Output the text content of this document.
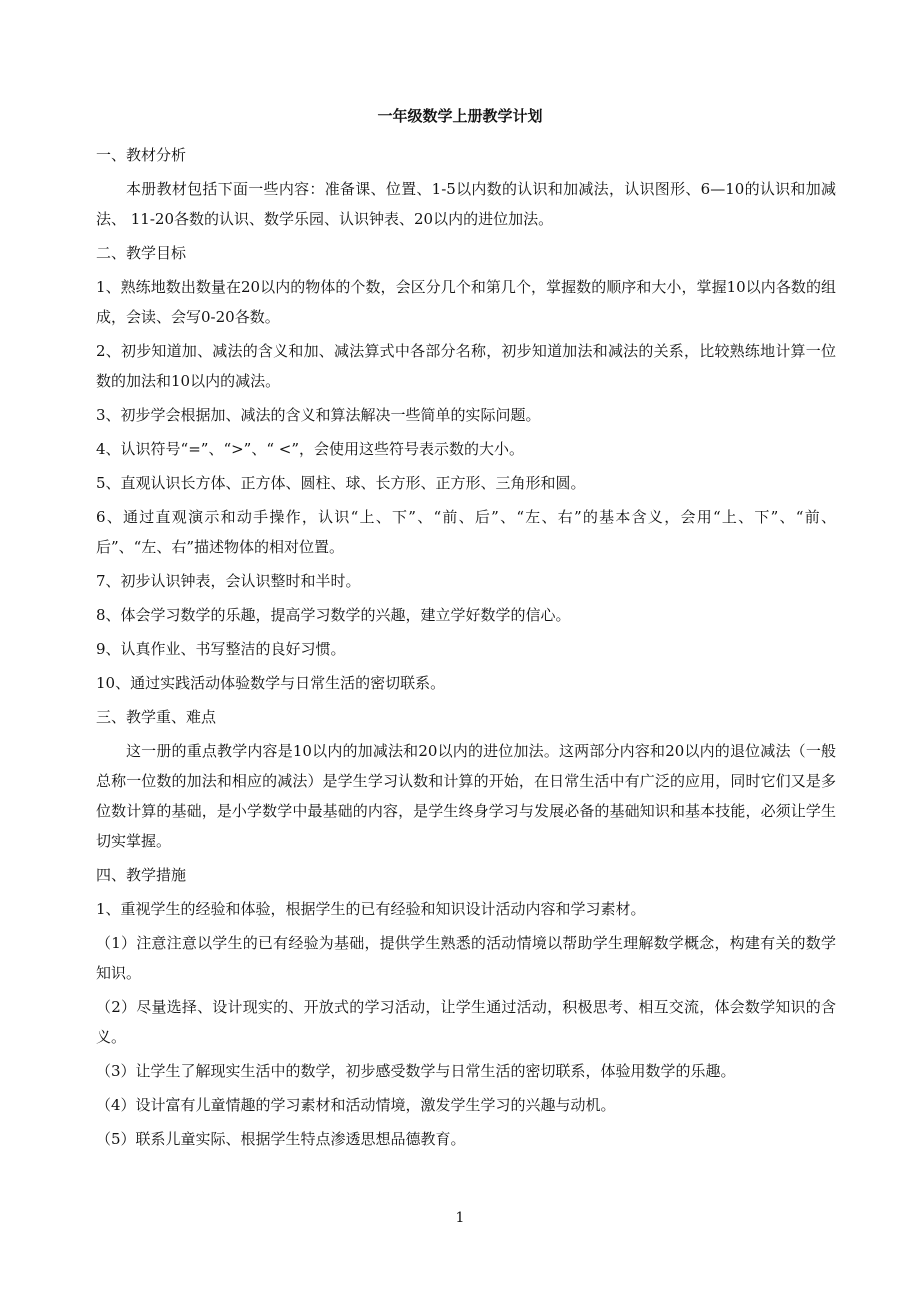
一年级数学上册教学计划

一、教材分析

本册教材包括下面一些内容：准备课、位置、1-5以内数的认识和加减法，认识图形、6—10的认识和加减法、 11-20各数的认识、数学乐园、认识钟表、20以内的进位加法。

二、教学目标

1、熟练地数出数量在20以内的物体的个数，会区分几个和第几个，掌握数的顺序和大小，掌握10以内各数的组成，会读、会写0-20各数。

2、初步知道加、减法的含义和加、减法算式中各部分名称，初步知道加法和减法的关系，比较熟练地计算一位数的加法和10以内的减法。

3、初步学会根据加、减法的含义和算法解决一些简单的实际问题。

4、认识符号“=”、“>”、“ <”，会使用这些符号表示数的大小。

5、直观认识长方体、正方体、圆柱、球、长方形、正方形、三角形和圆。

6、通过直观演示和动手操作，认识“上、下”、“前、后”、“左、右”的基本含义，会用“上、下”、“前、后”、“左、右”描述物体的相对位置。

7、初步认识钟表，会认识整时和半时。

8、体会学习数学的乐趣，提高学习数学的兴趣，建立学好数学的信心。

9、认真作业、书写整洁的良好习惯。

10、通过实践活动体验数学与日常生活的密切联系。

三、教学重、难点

这一册的重点教学内容是10以内的加减法和20以内的进位加法。这两部分内容和20以内的退位减法（一般总称一位数的加法和相应的减法）是学生学习认数和计算的开始，在日常生活中有广泛的应用，同时它们又是多位数计算的基础，是小学数学中最基础的内容，是学生终身学习与发展必备的基础知识和基本技能，必须让学生切实掌握。

四、教学措施

1、重视学生的经验和体验，根据学生的已有经验和知识设计活动内容和学习素材。

（1）注意注意以学生的已有经验为基础，提供学生熟悉的活动情境以帮助学生理解数学概念，构建有关的数学知识。

（2）尽量选择、设计现实的、开放式的学习活动，让学生通过活动，积极思考、相互交流，体会数学知识的含义。

（3）让学生了解现实生活中的数学，初步感受数学与日常生活的密切联系，体验用数学的乐趣。

（4）设计富有儿童情趣的学习素材和活动情境，激发学生学习的兴趣与动机。

（5）联系儿童实际、根据学生特点渗透思想品德教育。

1
